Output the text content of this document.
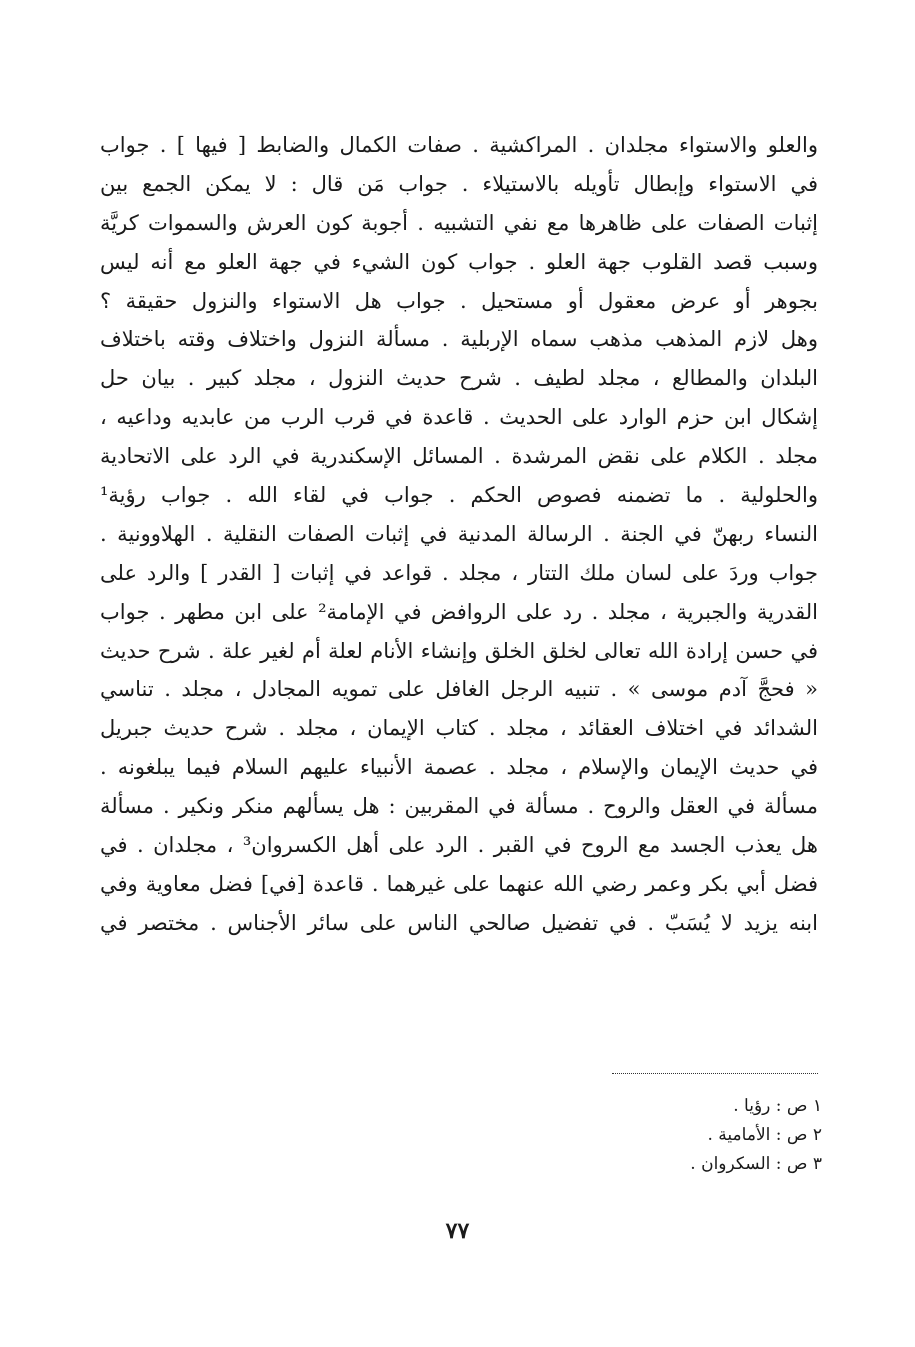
والعلو والاستواء مجلدان . المراكشية . صفات الكمال والضابط [ فيها ] . جواب
في الاستواء وإبطال تأويله بالاستيلاء . جواب مَن قال : لا يمكن الجمع بين
إثبات الصفات على ظاهرها مع نفي التشبيه . أجوبة كون العرش والسموات كريَّة
وسبب قصد القلوب جهة العلو . جواب كون الشيء في جهة العلو مع أنه ليس
بجوهر أو عرض معقول أو مستحيل . جواب هل الاستواء والنزول حقيقة ؟
وهل لازم المذهب مذهب سماه الإربلية . مسألة النزول واختلاف وقته باختلاف
البلدان والمطالع ، مجلد لطيف . شرح حديث النزول ، مجلد كبير . بيان حل
إشكال ابن حزم الوارد على الحديث . قاعدة في قرب الرب من عابديه وداعيه ،
مجلد . الكلام على نقض المرشدة . المسائل الإسكندرية في الرد على الاتحادية
والحلولية . ما تضمنه فصوص الحكم . جواب في لقاء الله . جواب رؤية¹
النساء ربهنّ في الجنة . الرسالة المدنية في إثبات الصفات النقلية . الهلاوونية .
جواب وردَ على لسان ملك التتار ، مجلد . قواعد في إثبات [ القدر ] والرد على
القدرية والجبرية ، مجلد . رد على الروافض في الإمامة² على ابن مطهر . جواب
في حسن إرادة الله تعالى لخلق الخلق وإنشاء الأنام لعلة أم لغير علة . شرح حديث
« فحجَّ آدم موسى » . تنبيه الرجل الغافل على تمويه المجادل ، مجلد . تناسي
الشدائد في اختلاف العقائد ، مجلد . كتاب الإيمان ، مجلد . شرح حديث جبريل
في حديث الإيمان والإسلام ، مجلد . عصمة الأنبياء عليهم السلام فيما يبلغونه .
مسألة في العقل والروح . مسألة في المقربين : هل يسألهم منكر ونكير . مسألة
هل يعذب الجسد مع الروح في القبر . الرد على أهل الكسروان³ ، مجلدان . في
فضل أبي بكر وعمر رضي الله عنهما على غيرهما . قاعدة [في] فضل معاوية وفي
ابنه يزيد لا يُسَبّ . في تفضيل صالحي الناس على سائر الأجناس . مختصر في
١ ص : رؤيا .
٢ ص : الأمامية .
٣ ص : السكروان .
٧٧
